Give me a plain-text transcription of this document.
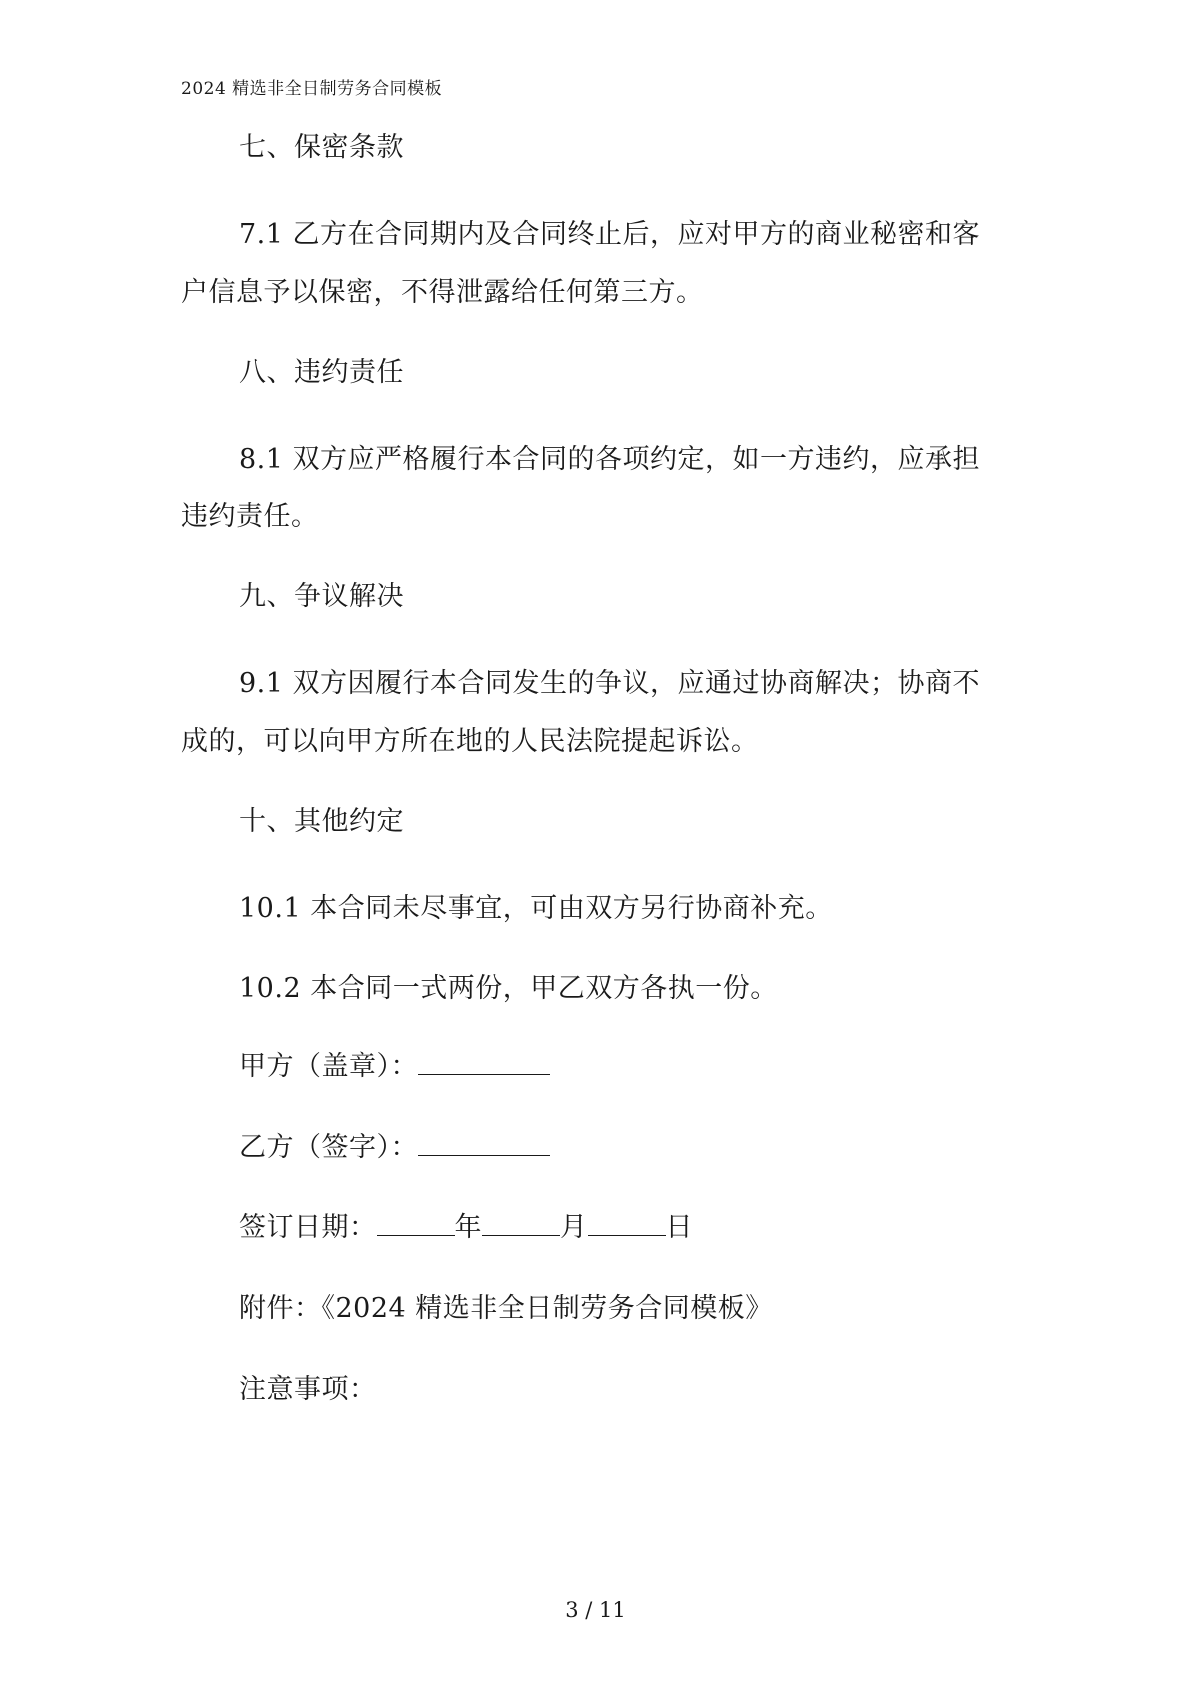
2024 精选非全日制劳务合同模板
七、保密条款
7.1 乙方在合同期内及合同终止后，应对甲方的商业秘密和客
户信息予以保密，不得泄露给任何第三方。
八、违约责任
8.1 双方应严格履行本合同的各项约定，如一方违约，应承担
违约责任。
九、争议解决
9.1 双方因履行本合同发生的争议，应通过协商解决；协商不
成的，可以向甲方所在地的人民法院提起诉讼。
十、其他约定
10.1 本合同未尽事宜，可由双方另行协商补充。
10.2 本合同一式两份，甲乙双方各执一份。
甲方（盖章）：
乙方（签字）：
签订日期：	年	月	日
附件：《2024 精选非全日制劳务合同模板》
注意事项：
3 / 11
